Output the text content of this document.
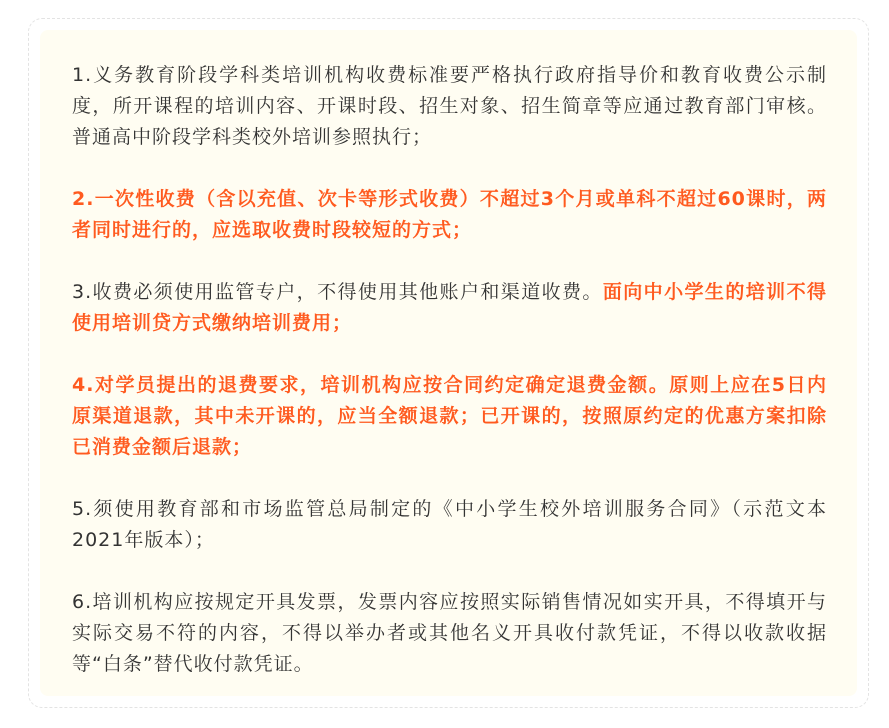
1.义务教育阶段学科类培训机构收费标准要严格执行政府指导价和教育收费公示制度，所开课程的培训内容、开课时段、招生对象、招生简章等应通过教育部门审核。普通高中阶段学科类校外培训参照执行；

2.一次性收费（含以充值、次卡等形式收费）不超过3个月或单科不超过60课时，两者同时进行的，应选取收费时段较短的方式；

3.收费必须使用监管专户，不得使用其他账户和渠道收费。面向中小学生的培训不得使用培训贷方式缴纳培训费用；

4.对学员提出的退费要求，培训机构应按合同约定确定退费金额。原则上应在5日内原渠道退款，其中未开课的，应当全额退款；已开课的，按照原约定的优惠方案扣除已消费金额后退款；

5.须使用教育部和市场监管总局制定的《中小学生校外培训服务合同》（示范文本2021年版本）；

6.培训机构应按规定开具发票，发票内容应按照实际销售情况如实开具，不得填开与实际交易不符的内容，不得以举办者或其他名义开具收付款凭证，不得以收款收据等“白条”替代收付款凭证。
